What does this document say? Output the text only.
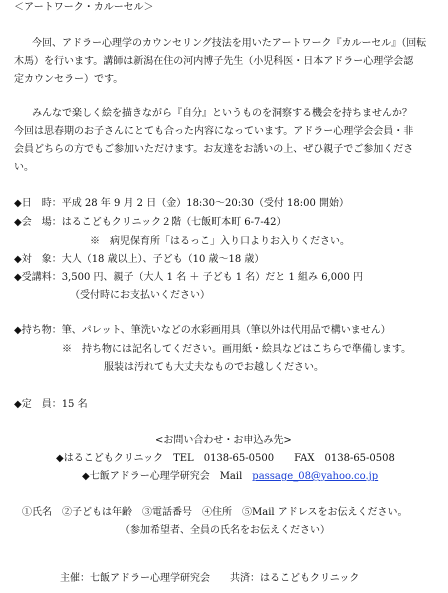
＜アートワーク・カルーセル＞
今回、アドラー心理学のカウンセリング技法を用いたアートワーク『カルーセル』（回転
木馬）を行います。講師は新潟在住の河内博子先生（小児科医・日本アドラー心理学会認
定カウンセラー）です。
みんなで楽しく絵を描きながら『自分』というものを洞察する機会を持ちませんか？
今回は思春期のお子さんにとても合った内容になっています。アドラー心理学会会員・非
会員どちらの方でもご参加いただけます。お友達をお誘いの上、ぜひ親子でご参加くださ
い。
◆日　時：平成 28 年 9 月 2 日（金）18:30～20:30（受付 18:00 開始）
◆会　場：はるこどもクリニック２階（七飯町本町 6-7-42）
※　病児保育所「はるっこ」入り口よりお入りください。
◆対　象：大人（18 歳以上）、子ども（10 歳～18 歳）
◆受講料：3,500 円、親子（大人 1 名 ＋ 子ども 1 名）だと 1 組み 6,000 円
（受付時にお支払いください）
◆持ち物：筆、パレット、筆洗いなどの水彩画用具（筆以外は代用品で構いません）
※　持ち物には記名してください。画用紙・絵具などはこちらで準備します。
服装は汚れても大丈夫なものでお越しください。
◆定　員：15 名
<お問い合わせ・お申込み先>
◆はるこどもクリニック　TEL　0138-65-0500　　FAX　0138-65-0508
◆七飯アドラー心理学研究会　Mail　passage_08@yahoo.co.jp
①氏名　②子どもは年齢　③電話番号　④住所　⑤Mail アドレスをお伝えください。
（参加希望者、全員の氏名をお伝えください）
主催：七飯アドラー心理学研究会　　共済：はるこどもクリニック
